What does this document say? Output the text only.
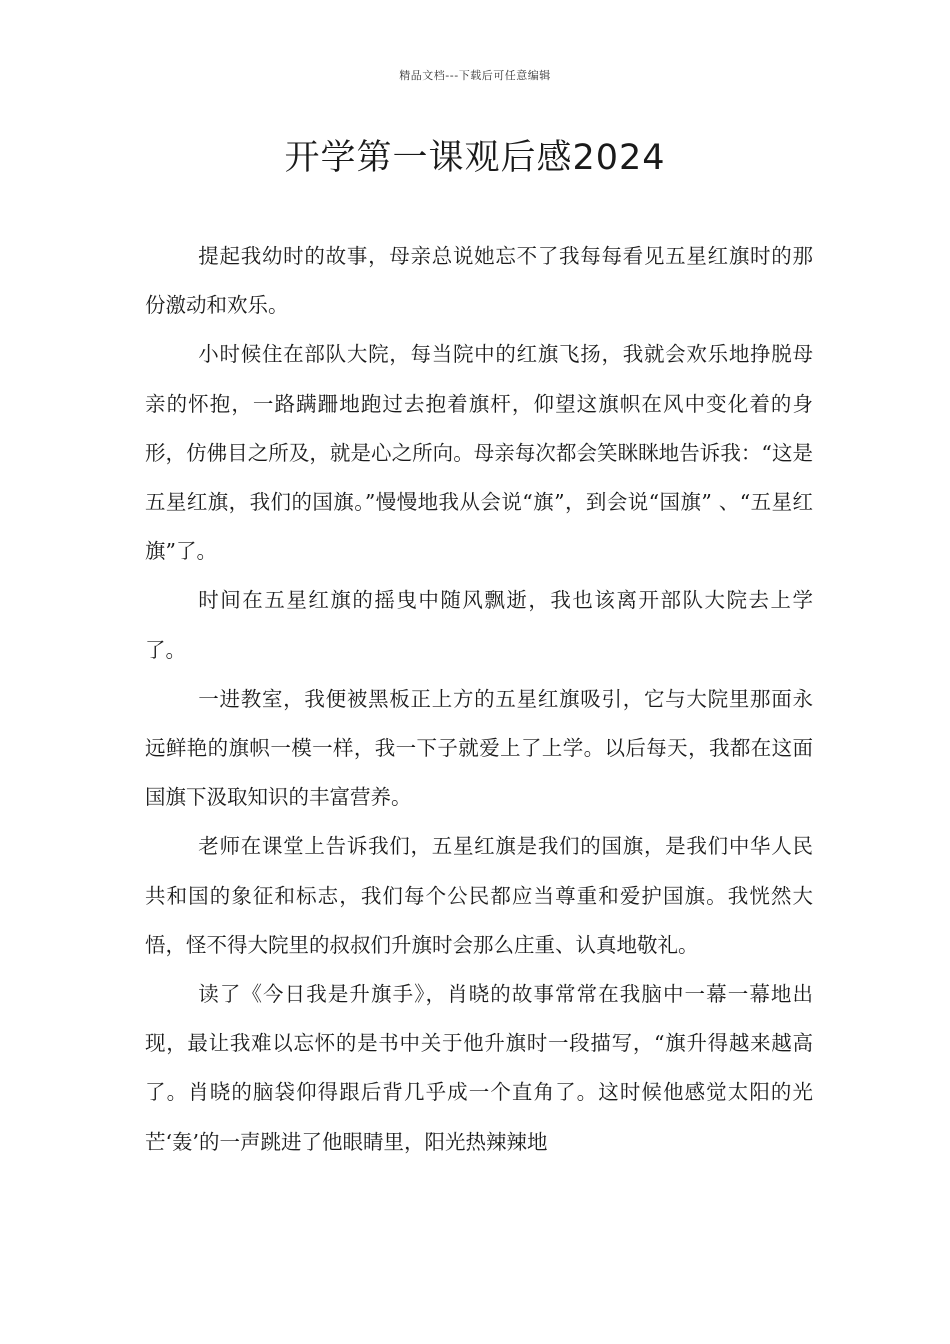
精品文档---下载后可任意编辑
开学第一课观后感2024

提起我幼时的故事，母亲总说她忘不了我每每看见五星红旗时的那份激动和欢乐。

小时候住在部队大院，每当院中的红旗飞扬，我就会欢乐地挣脱母亲的怀抱，一路蹒跚地跑过去抱着旗杆，仰望这旗帜在风中变化着的身形，仿佛目之所及，就是心之所向。母亲每次都会笑眯眯地告诉我：“这是五星红旗，我们的国旗。”慢慢地我从会说“旗”，到会说“国旗” 、“五星红旗”了。

时间在五星红旗的摇曳中随风飘逝，我也该离开部队大院去上学了。

一进教室，我便被黑板正上方的五星红旗吸引，它与大院里那面永远鲜艳的旗帜一模一样，我一下子就爱上了上学。以后每天，我都在这面国旗下汲取知识的丰富营养。

老师在课堂上告诉我们，五星红旗是我们的国旗，是我们中华人民共和国的象征和标志，我们每个公民都应当尊重和爱护国旗。我恍然大悟，怪不得大院里的叔叔们升旗时会那么庄重、认真地敬礼。

读了《今日我是升旗手》，肖晓的故事常常在我脑中一幕一幕地出现，最让我难以忘怀的是书中关于他升旗时一段描写，“旗升得越来越高了。肖晓的脑袋仰得跟后背几乎成一个直角了。这时候他感觉太阳的光芒‘轰’的一声跳进了他眼睛里，阳光热辣辣地
